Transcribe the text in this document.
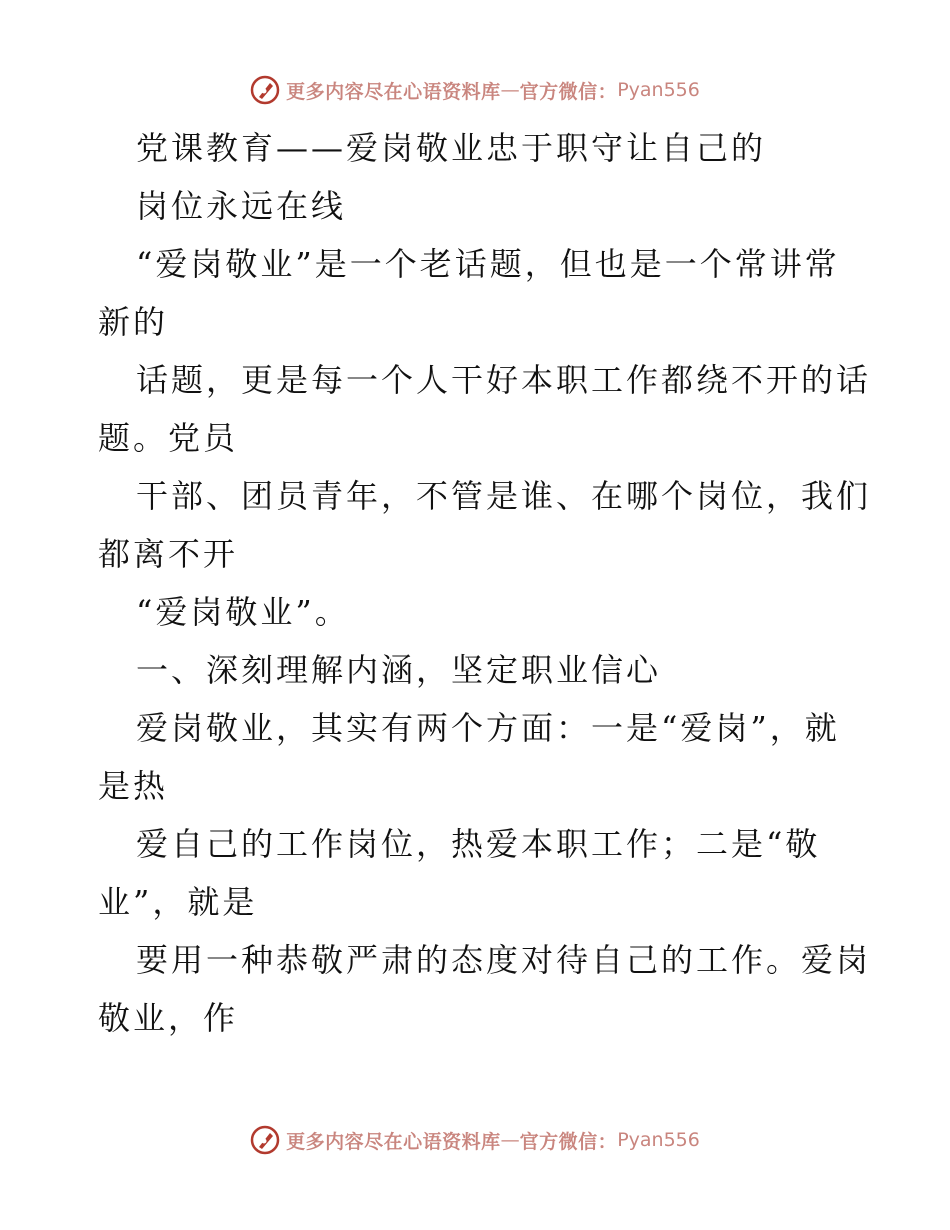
更多内容尽在心语资料库 — 官方微信： Pyan556
党课教育——爱岗敬业忠于职守让自己的
岗位永远在线
“爱岗敬业”是一个老话题，但也是一个常讲常
新的
话题，更是每一个人干好本职工作都绕不开的话
题。党员
干部、团员青年，不管是谁、在哪个岗位，我们
都离不开
“爱岗敬业”。
一、深刻理解内涵，坚定职业信心
爱岗敬业，其实有两个方面：一是“爱岗”，就
是热
爱自己的工作岗位，热爱本职工作；二是“敬
业”，就是
要用一种恭敬严肃的态度对待自己的工作。爱岗
敬业，作
更多内容尽在心语资料库 — 官方微信： Pyan556
